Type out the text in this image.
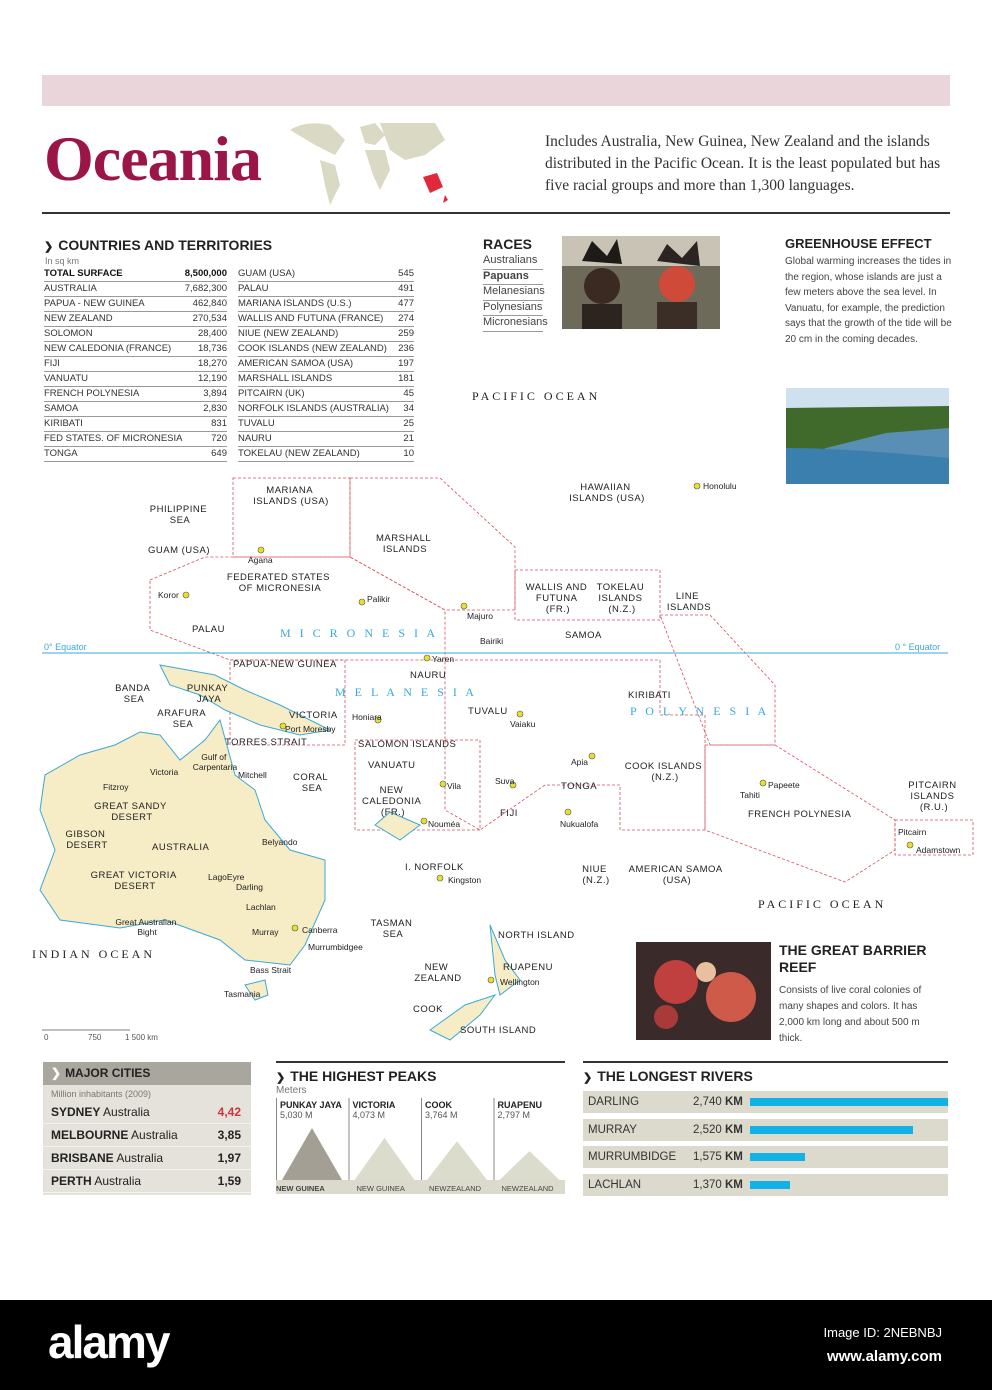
Oceania	Includes Australia, New Guinea, New Zealand and the islands distributed in the Pacific Ocean. It is the least populated but has five racial groups and more than 1,300 languages.
❯ COUNTRIES AND TERRITORIES
In sq km
TOTAL SURFACE	8,500,000
AUSTRALIA	7,682,300
PAPUA - NEW GUINEA	462,840
NEW ZEALAND	270,534
SOLOMON	28,400
NEW CALEDONIA (FRANCE)	18,736
FIJI	18,270
VANUATU	12,190
FRENCH POLYNESIA	3,894
SAMOA	2,830
KIRIBATI	831
FED STATES. OF MICRONESIA	720
TONGA	649
GUAM (USA)	545
PALAU	491
MARIANA ISLANDS (U.S.)	477
WALLIS AND FUTUNA (FRANCE)	274
NIUE (NEW ZEALAND)	259
COOK ISLANDS (NEW ZEALAND)	236
AMERICAN SAMOA (USA)	197
MARSHALL ISLANDS	181
PITCAIRN (UK)	45
NORFOLK ISLANDS (AUSTRALIA)	34
TUVALU	25
NAURU	21
TOKELAU (NEW ZEALAND)	10
RACES
Australians
Papuans
Melanesians
Polynesians
Micronesians
GREENHOUSE EFFECT

Global warming increases the tides in the region, whose islands are just a few meters above the sea level. In Vanuatu, for example, the prediction says that the growth of the tide will be 20 cm in the coming decades.

PACIFIC OCEAN
PHILIPPINE SEA
MARIANA ISLANDS (USA)
GUAM (USA)
Agana
MARSHALL ISLANDS
HAWAIIAN ISLANDS (USA)
Honolulu
FEDERATED STATES OF MICRONESIA
Koror
PALAU
Palikir
Majuro
M I C R O N E S I A
WALLIS AND FUTUNA (FR.)
TOKELAU ISLANDS (N.Z.)
LINE ISLANDS
SAMOA
Bairiki
0° Equator	0 ° Equator
PAPUA-NEW GUINEA	Yaren
NAURU
BANDA SEA
PUNKAY JAYA
ARAFURA SEA
VICTORIA
Port Moresby
TORRES STRAIT
Honiara
M E L A N E S I A
TUVALU
Vaiaku
KIRIBATI
P O L Y N E S I A
SALOMON ISLANDS
VANUATU
Vila
Apia	COOK ISLANDS (N.Z.)
Suva	TONGA
FIJI
NEW CALEDONIA (FR.)
Nouméa	Nukualofa
Papeete
Tahiti
FRENCH POLYNESIA
PITCAIRN ISLANDS (R.U.)
Pitcairn
Adamstown
Gulf of Carpentaria
CORAL SEA
GREAT SANDY DESERT
GIBSON DESERT	AUSTRALIA
GREAT VICTORIA DESERT
Great Australian Bight
I. NORFOLK
Kingston
NIUE (N.Z.)
AMERICAN SAMOA (USA)
PACIFIC OCEAN
INDIAN OCEAN
TASMAN SEA
Canberra
Murrumbidgee
Bass Strait
Tasmania
NORTH ISLAND
NEW ZEALAND
RUAPENU
Wellington
COOK
SOUTH ISLAND
LagoEyre
Darling
Lachlan
Murray
Fitzroy
Victoria	Mitchell
Belyando
0	750	1 500 km
THE GREAT BARRIER REEF

Consists of live coral colonies of many shapes and colors. It has 2,000 km long and about 500 m thick.

❯ MAJOR CITIES
Million inhabitants (2009)
SYDNEY Australia	4,42
MELBOURNE Australia	3,85
BRISBANE Australia	1,97
PERTH Australia	1,59
❯ THE HIGHEST PEAKS
Meters
PUNKAY JAYA
5,030 M
NEW GUINEA
VICTORIA
4,073 M
NEW GUINEA
COOK
3,764 M
NEWZEALAND
RUAPENU
2,797 M
NEWZEALAND
❯ THE LONGEST RIVERS
DARLING	2,740 KM
MURRAY	2,520 KM
MURRUMBIDGE 1,575 KM
LACHLAN	1,370 KM
alamy	Image ID: 2NEBNBJ
www.alamy.com
